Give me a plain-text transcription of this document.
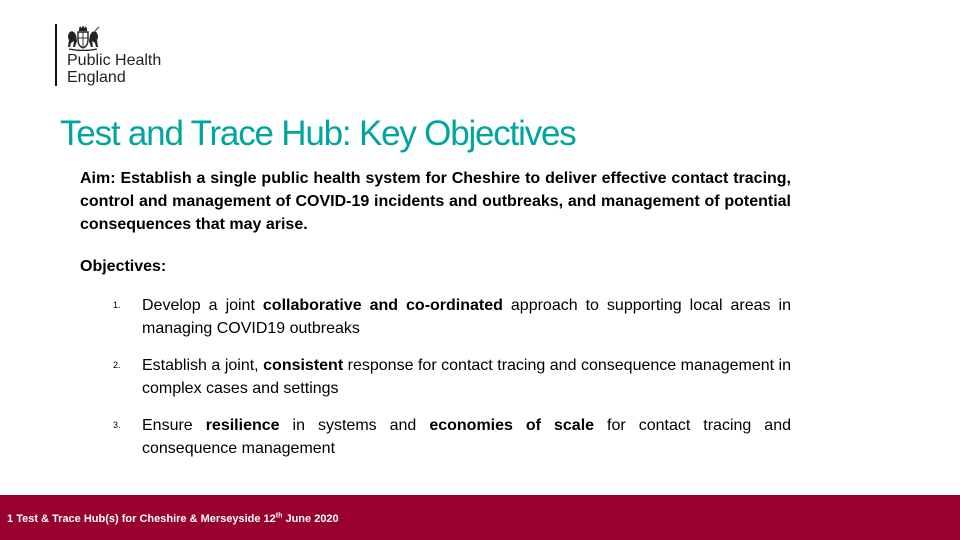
Public Health
England
Test and Trace Hub: Key Objectives

Aim: Establish a single public health system for Cheshire to deliver effective contact tracing, control and management of COVID-19 incidents and outbreaks, and management of potential consequences that may arise.

Objectives:

1. Develop a joint collaborative and co-ordinated approach to supporting local areas in managing COVID19 outbreaks

2. Establish a joint, consistent response for contact tracing and consequence management in complex cases and settings

3. Ensure resilience in systems and economies of scale for contact tracing and consequence management

1 Test & Trace Hub(s) for Cheshire & Merseyside 12th June 2020
